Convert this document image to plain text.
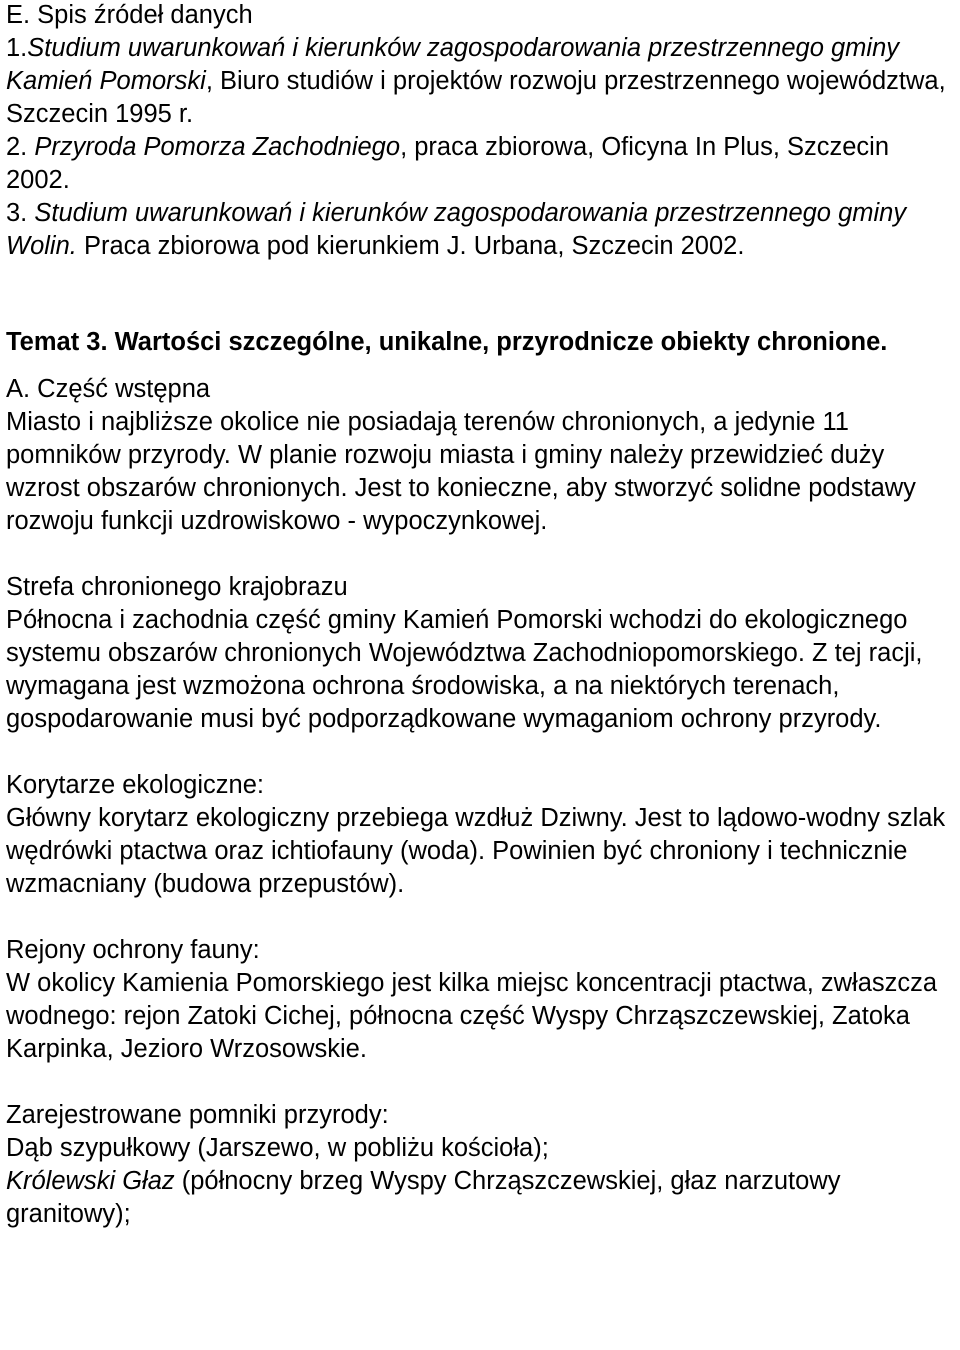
E. Spis źródeł danych

1.Studium uwarunkowań i kierunków zagospodarowania przestrzennego gminy Kamień Pomorski, Biuro studiów i projektów rozwoju przestrzennego województwa, Szczecin 1995 r.

2. Przyroda Pomorza Zachodniego, praca zbiorowa, Oficyna In Plus, Szczecin 2002.

3. Studium uwarunkowań i kierunków zagospodarowania przestrzennego gminy Wolin. Praca zbiorowa pod kierunkiem J. Urbana, Szczecin 2002.

Temat 3. Wartości szczególne, unikalne, przyrodnicze obiekty chronione.

A. Część wstępna

Miasto i najbliższe okolice nie posiadają terenów chronionych, a jedynie 11 pomników przyrody. W planie rozwoju miasta i gminy należy przewidzieć duży wzrost obszarów chronionych. Jest to konieczne, aby stworzyć solidne podstawy rozwoju funkcji uzdrowiskowo - wypoczynkowej.

Strefa chronionego krajobrazu

Północna i zachodnia część gminy Kamień Pomorski wchodzi do ekologicznego systemu obszarów chronionych Województwa Zachodniopomorskiego. Z tej racji, wymagana jest wzmożona ochrona środowiska, a na niektórych terenach, gospodarowanie musi być podporządkowane wymaganiom ochrony przyrody.

Korytarze ekologiczne:

Główny korytarz ekologiczny przebiega wzdłuż Dziwny. Jest to lądowo-wodny szlak wędrówki ptactwa oraz ichtiofauny (woda). Powinien być chroniony i technicznie wzmacniany (budowa przepustów).

Rejony ochrony fauny:

W okolicy Kamienia Pomorskiego jest kilka miejsc koncentracji ptactwa, zwłaszcza wodnego: rejon Zatoki Cichej, północna część Wyspy Chrząszczewskiej, Zatoka Karpinka, Jezioro Wrzosowskie.

Zarejestrowane pomniki przyrody:

Dąb szypułkowy (Jarszewo, w pobliżu kościoła);

Królewski Głaz (północny brzeg Wyspy Chrząszczewskiej, głaz narzutowy granitowy);
